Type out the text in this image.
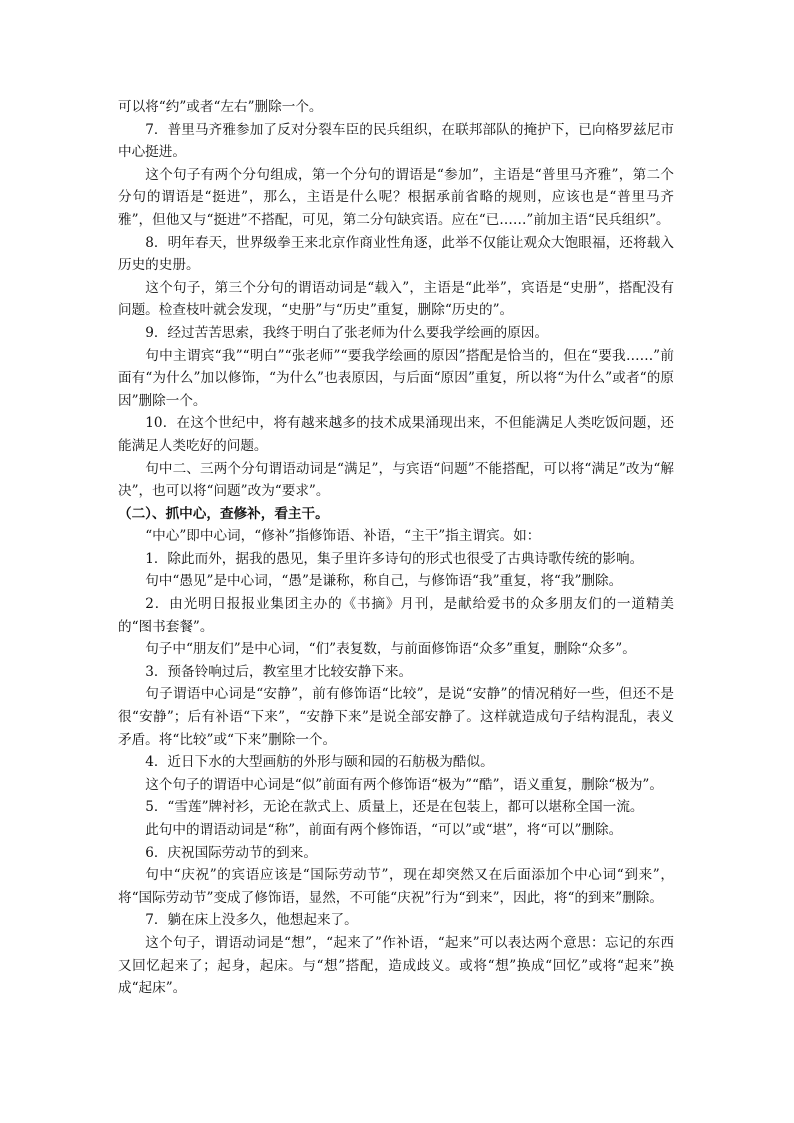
可以将“约”或者“左右”删除一个。

7．普里马齐雅参加了反对分裂车臣的民兵组织，在联邦部队的掩护下，已向格罗兹尼市中心挺进。

这个句子有两个分句组成，第一个分句的谓语是“参加”，主语是“普里马齐雅”，第二个分句的谓语是“挺进”，那么，主语是什么呢？根据承前省略的规则，应该也是“普里马齐雅”，但他又与“挺进”不搭配，可见，第二分句缺宾语。应在“已……”前加主语“民兵组织”。

8．明年春天，世界级拳王来北京作商业性角逐，此举不仅能让观众大饱眼福，还将载入历史的史册。

这个句子，第三个分句的谓语动词是“载入”，主语是“此举”，宾语是“史册”，搭配没有问题。检查枝叶就会发现，“史册”与“历史”重复，删除“历史的”。

9．经过苦苦思索，我终于明白了张老师为什么要我学绘画的原因。

句中主谓宾“我”“明白”“张老师”“要我学绘画的原因”搭配是恰当的，但在“要我……”前面有“为什么”加以修饰，“为什么”也表原因，与后面“原因”重复，所以将“为什么”或者“的原因”删除一个。

10．在这个世纪中，将有越来越多的技术成果涌现出来，不但能满足人类吃饭问题，还能满足人类吃好的问题。

句中二、三两个分句谓语动词是“满足”，与宾语“问题”不能搭配，可以将“满足”改为“解决”，也可以将“问题”改为“要求”。

（二）、抓中心，查修补，看主干。

“中心”即中心词，“修补”指修饰语、补语，“主干”指主谓宾。如：

1．除此而外，据我的愚见，集子里许多诗句的形式也很受了古典诗歌传统的影响。

句中“愚见”是中心词，“愚”是谦称，称自己，与修饰语“我”重复，将“我”删除。

2．由光明日报报业集团主办的《书摘》月刊，是献给爱书的众多朋友们的一道精美的“图书套餐”。

句子中“朋友们”是中心词，“们”表复数，与前面修饰语“众多”重复，删除“众多”。

3．预备铃响过后，教室里才比较安静下来。

句子谓语中心词是“安静”，前有修饰语“比较”，是说“安静”的情况稍好一些，但还不是很“安静”；后有补语“下来”，“安静下来”是说全部安静了。这样就造成句子结构混乱，表义矛盾。将“比较”或“下来”删除一个。

4．近日下水的大型画舫的外形与颐和园的石舫极为酷似。

这个句子的谓语中心词是“似”前面有两个修饰语“极为”“酷”，语义重复，删除“极为”。

5．“雪莲”牌衬衫，无论在款式上、质量上，还是在包装上，都可以堪称全国一流。

此句中的谓语动词是“称”，前面有两个修饰语，“可以”或“堪”，将“可以”删除。

6．庆祝国际劳动节的到来。

句中“庆祝”的宾语应该是“国际劳动节”，现在却突然又在后面添加个中心词“到来”，将“国际劳动节”变成了修饰语，显然，不可能“庆祝”行为“到来”，因此，将“的到来”删除。

7．躺在床上没多久，他想起来了。

这个句子，谓语动词是“想”，“起来了”作补语，“起来”可以表达两个意思：忘记的东西又回忆起来了；起身，起床。与“想”搭配，造成歧义。或将“想”换成“回忆”或将“起来”换成“起床”。
